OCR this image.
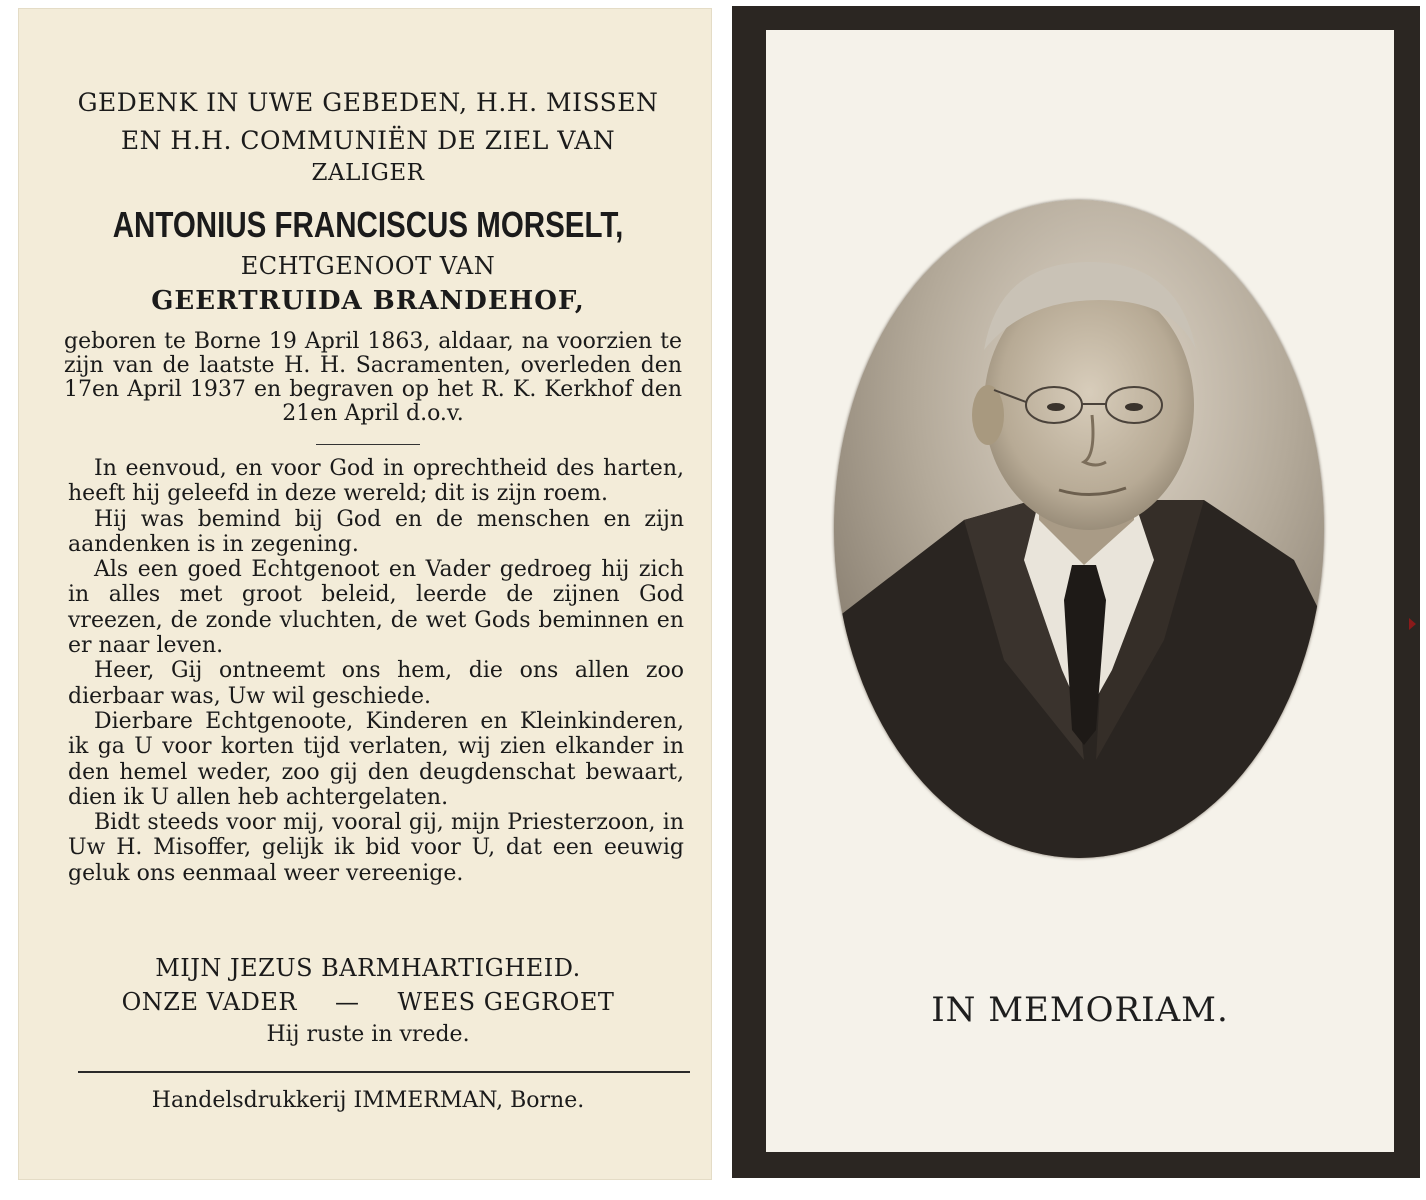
GEDENK IN UWE GEBEDEN, H.H. MISSEN
EN H.H. COMMUNIËN DE ZIEL VAN
ZALIGER
ANTONIUS FRANCISCUS MORSELT,
ECHTGENOOT VAN
GEERTRUIDA BRANDEHOF,
geboren te Borne 19 April 1863, aldaar, na voorzien te zijn van de laatste H. H. Sacramenten, overleden den 17en April 1937 en begraven op het R. K. Kerkhof den 21en April d.o.v.

In eenvoud, en voor God in oprechtheid des harten, heeft hij geleefd in deze wereld; dit is zijn roem.

Hij was bemind bij God en de menschen en zijn aandenken is in zegening.

Als een goed Echtgenoot en Vader gedroeg hij zich in alles met groot beleid, leerde de zijnen God vreezen, de zonde vluchten, de wet Gods beminnen en er naar leven.

Heer, Gij ontneemt ons hem, die ons allen zoo dierbaar was, Uw wil geschiede.

Dierbare Echtgenoote, Kinderen en Kleinkinderen, ik ga U voor korten tijd verlaten, wij zien elkander in den hemel weder, zoo gij den deugdenschat bewaart, dien ik U allen heb achtergelaten.

Bidt steeds voor mij, vooral gij, mijn Priesterzoon, in Uw H. Misoffer, gelijk ik bid voor U, dat een eeuwig geluk ons eenmaal weer vereenige.

MIJN JEZUS BARMHARTIGHEID.
ONZE VADER — WEES GEGROET
Hij ruste in vrede.
Handelsdrukkerij IMMERMAN, Borne.
IN MEMORIAM.
